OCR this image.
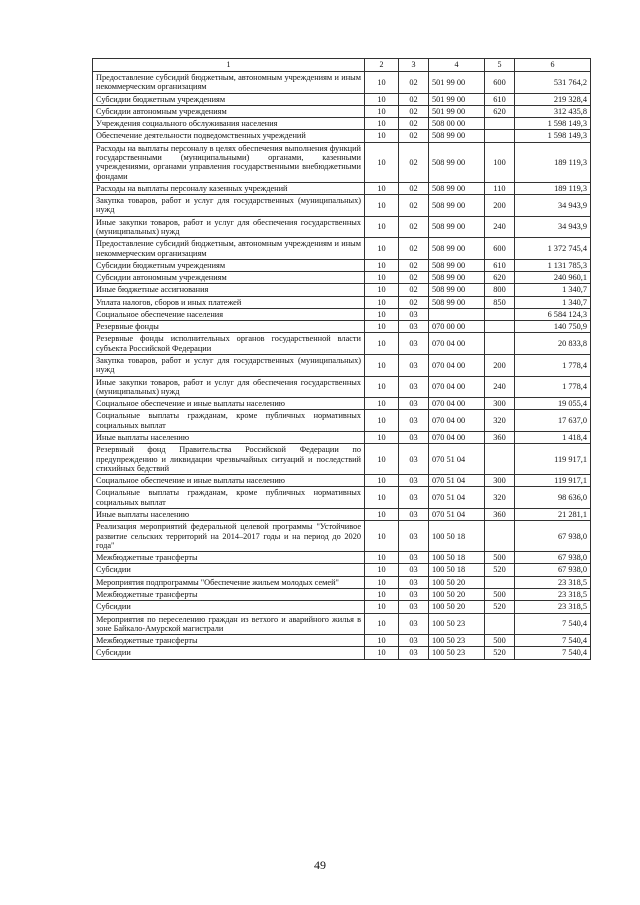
1	2	3	4	5	6
Предоставление субсидий бюджетным, автономным учреждениям и иным некоммерческим организациям	10	02	501 99 00	600	531 764,2
Субсидии бюджетным учреждениям	10	02	501 99 00	610	219 328,4
Субсидии автономным учреждениям	10	02	501 99 00	620	312 435,8
Учреждения социального обслуживания населения	10	02	508 00 00		1 598 149,3
Обеспечение деятельности подведомственных учреждений	10	02	508 99 00		1 598 149,3
Расходы на выплаты персоналу в целях обеспечения выполнения функций государственными (муниципальными) органами, казенными учреждениями, органами управления государственными внебюджетными фондами	10	02	508 99 00	100	189 119,3
Расходы на выплаты персоналу казенных учреждений	10	02	508 99 00	110	189 119,3
Закупка товаров, работ и услуг для государственных (муниципальных) нужд	10	02	508 99 00	200	34 943,9
Иные закупки товаров, работ и услуг для обеспечения государственных (муниципальных) нужд	10	02	508 99 00	240	34 943,9
Предоставление субсидий бюджетным, автономным учреждениям и иным некоммерческим организациям	10	02	508 99 00	600	1 372 745,4
Субсидии бюджетным учреждениям	10	02	508 99 00	610	1 131 785,3
Субсидии автономным учреждениям	10	02	508 99 00	620	240 960,1
Иные бюджетные ассигнования	10	02	508 99 00	800	1 340,7
Уплата налогов, сборов и иных платежей	10	02	508 99 00	850	1 340,7
Социальное обеспечение населения	10	03			6 584 124,3
Резервные фонды	10	03	070 00 00		140 750,9
Резервные фонды исполнительных органов государственной власти субъекта Российской Федерации	10	03	070 04 00		20 833,8
Закупка товаров, работ и услуг для государственных (муниципальных) нужд	10	03	070 04 00	200	1 778,4
Иные закупки товаров, работ и услуг для обеспечения государственных (муниципальных) нужд	10	03	070 04 00	240	1 778,4
Социальное обеспечение и иные выплаты населению	10	03	070 04 00	300	19 055,4
Социальные выплаты гражданам, кроме публичных нормативных социальных выплат	10	03	070 04 00	320	17 637,0
Иные выплаты населению	10	03	070 04 00	360	1 418,4
Резервный фонд Правительства Российской Федерации по предупреждению и ликвидации чрезвычайных ситуаций и последствий стихийных бедствий	10	03	070 51 04		119 917,1
Социальное обеспечение и иные выплаты населению	10	03	070 51 04	300	119 917,1
Социальные выплаты гражданам, кроме публичных нормативных социальных выплат	10	03	070 51 04	320	98 636,0
Иные выплаты населению	10	03	070 51 04	360	21 281,1
Реализация мероприятий федеральной целевой программы "Устойчивое развитие сельских территорий на 2014–2017 годы и на период до 2020 года"	10	03	100 50 18		67 938,0
Межбюджетные трансферты	10	03	100 50 18	500	67 938,0
Субсидии	10	03	100 50 18	520	67 938,0
Мероприятия подпрограммы "Обеспечение жильем молодых семей"	10	03	100 50 20		23 318,5
Межбюджетные трансферты	10	03	100 50 20	500	23 318,5
Субсидии	10	03	100 50 20	520	23 318,5
Мероприятия по переселению граждан из ветхого и аварийного жилья в зоне Байкало-Амурской магистрали	10	03	100 50 23		7 540,4
Межбюджетные трансферты	10	03	100 50 23	500	7 540,4
Субсидии	10	03	100 50 23	520	7 540,4
49
